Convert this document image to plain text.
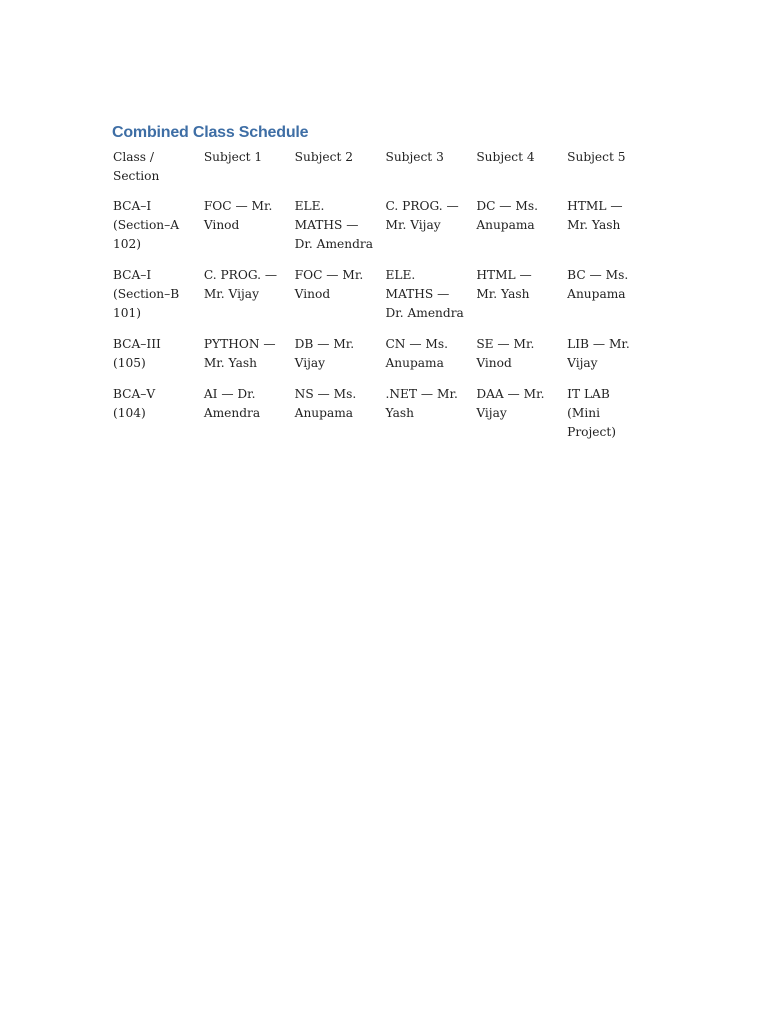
Combined Class Schedule
Class / Section	Subject 1	Subject 2	Subject 3	Subject 4	Subject 5
BCA–I (Section–A 102)	FOC — Mr. Vinod	ELE. MATHS — Dr. Amendra	C. PROG. — Mr. Vijay	DC — Ms. Anupama	HTML — Mr. Yash
BCA–I (Section–B 101)	C. PROG. — Mr. Vijay	FOC — Mr. Vinod	ELE. MATHS — Dr. Amendra	HTML — Mr. Yash	BC — Ms. Anupama
BCA–III (105)	PYTHON — Mr. Yash	DB — Mr. Vijay	CN — Ms. Anupama	SE — Mr. Vinod	LIB — Mr. Vijay
BCA–V (104)	AI — Dr. Amendra	NS — Ms. Anupama	.NET — Mr. Yash	DAA — Mr. Vijay	IT LAB (Mini Project)
